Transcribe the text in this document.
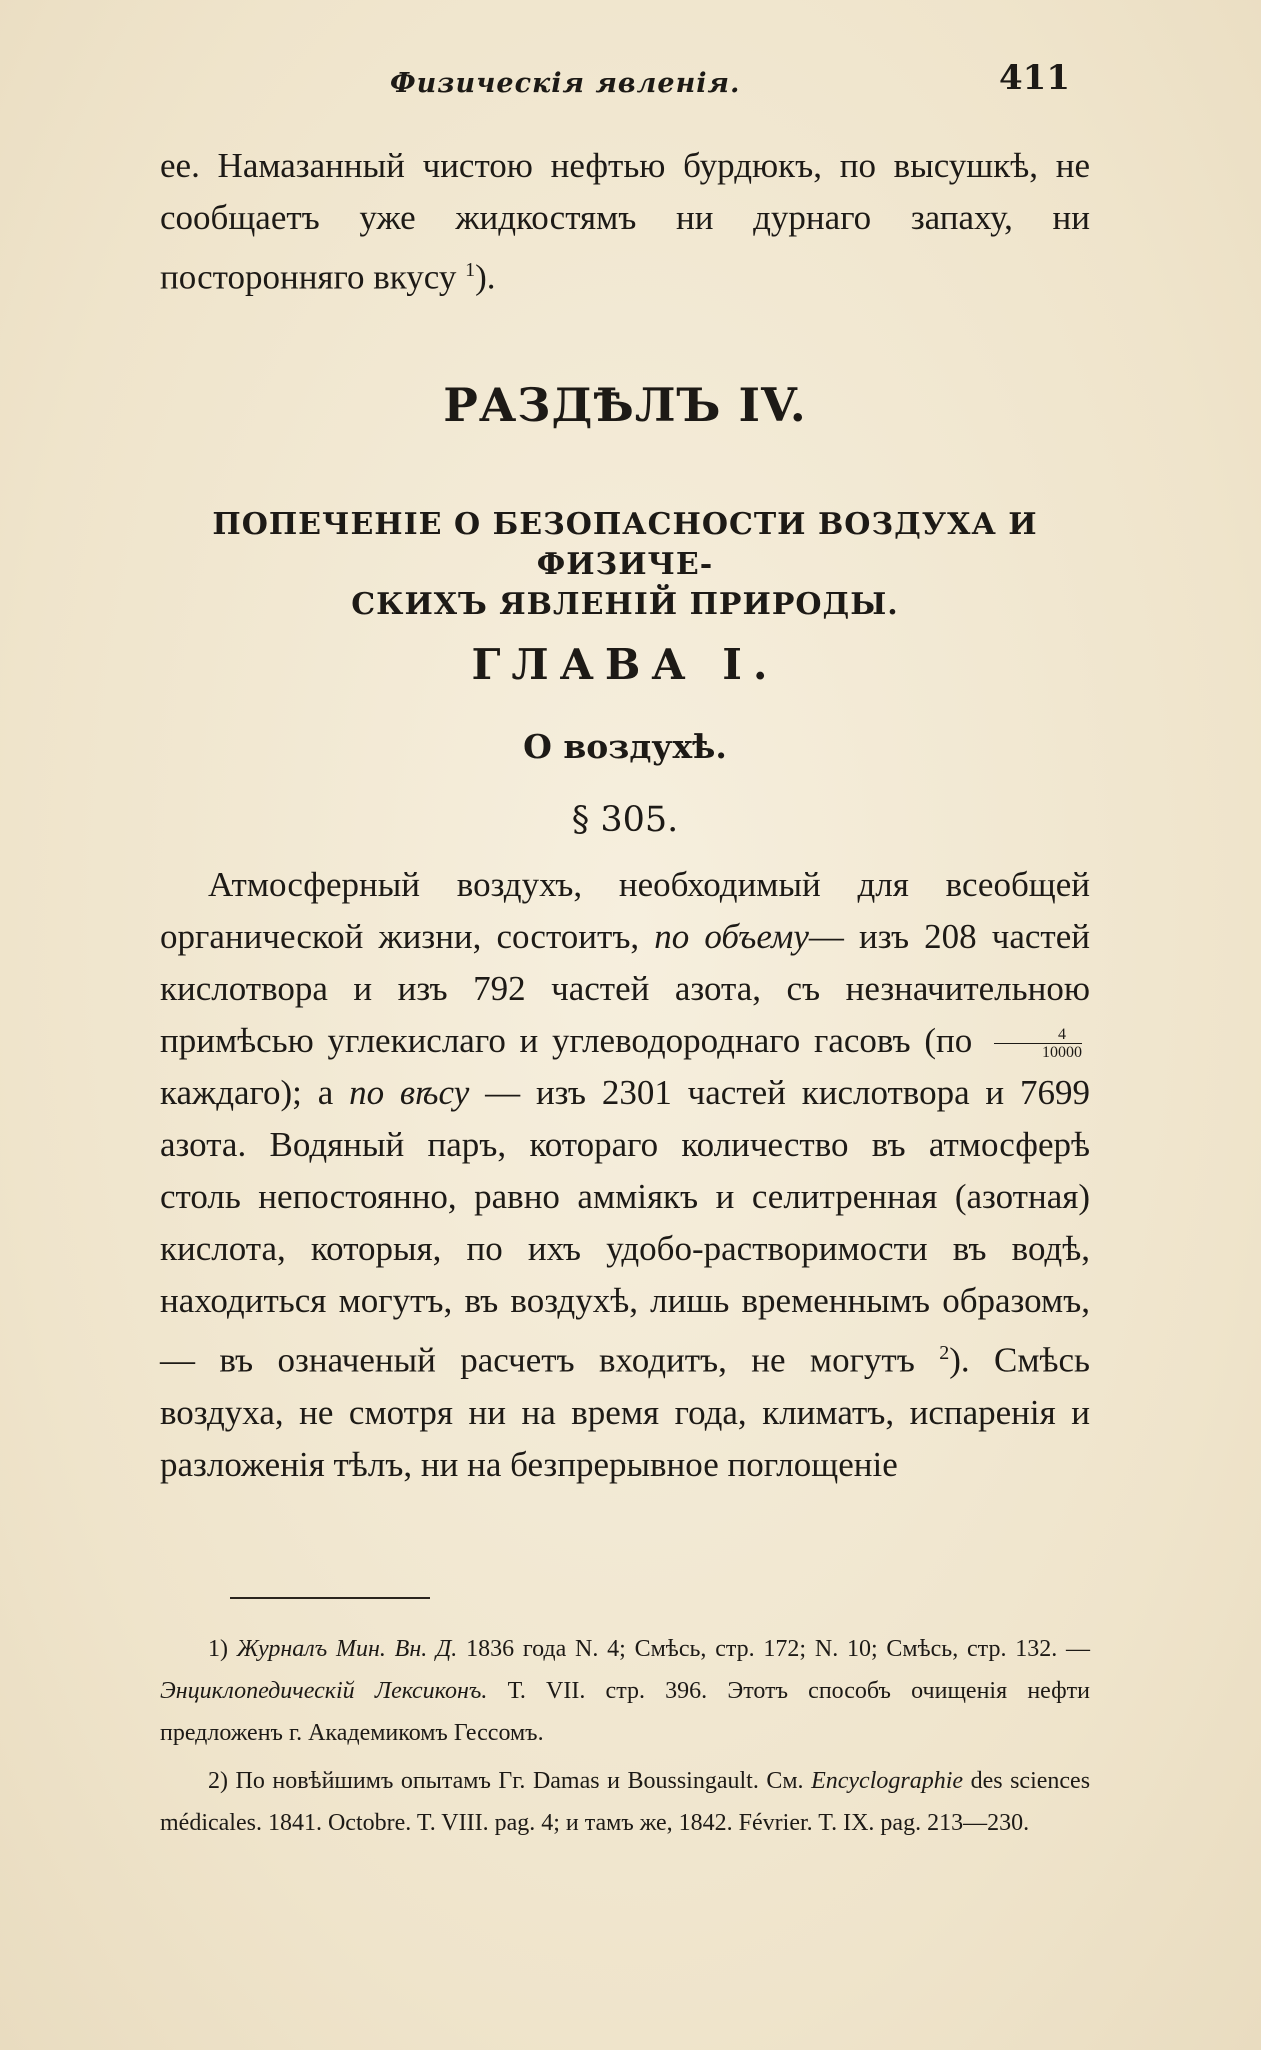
Физическія явленія.	411

ее. Намазанный чистою нефтью бурдюкъ, по высушкѣ, не сообщаетъ уже жидкостямъ ни дурнаго запаху, ни посторонняго вкусу $^1$).

РАЗДѢЛЪ IV.
ПОПЕЧЕНІЕ О БЕЗОПАСНОСТИ ВОЗДУХА И ФИЗИЧЕ-
СКИХЪ ЯВЛЕНІЙ ПРИРОДЫ.
ГЛАВА I.
О воздухѣ.
§ 305.

Атмосферный воздухъ, необходимый для всеобщей органической жизни, состоитъ, по объему— изъ 208 частей кислотвора и изъ 792 частей азота, съ незначительною примѣсью углекислаго и углеводороднаго гасовъ ($по \frac{4}{10000}$
каждаго); а по вѣсу — изъ 2301 частей кислотвора и 7699 азота. Водяный паръ, котораго количество въ атмосферѣ столь непостоянно, равно аммiякъ и селитренная (азотная) кислота, которыя, по ихъ удобо-растворимости въ водѣ, находиться могутъ, въ воздухѣ, лишь временнымъ образомъ, — въ означеный расчетъ входитъ, не могутъ $^2$). Смѣсь воздуха, не смотря ни на время года, климатъ, испаренія и разложенія тѣлъ, ни на безпрерывное поглощеніе

1) Журналъ Мин. Вн. Д. 1836 года N. 4; Смѣсь, стр. 172; N. 10; Смѣсь, стр. 132. — Энциклопедическій Лексиконъ. Т. VII. стр. 396. Этотъ способъ очищенія нефти предложенъ г. Академикомъ Гессомъ.

2) По новѣйшимъ опытамъ Гг. Damas и Boussingault. См. Encyclographie des sciences médicales. 1841. Octobre. T. VIII. pag. 4; и тамъ же, 1842. Février. T. IX. pag. 213—230.
